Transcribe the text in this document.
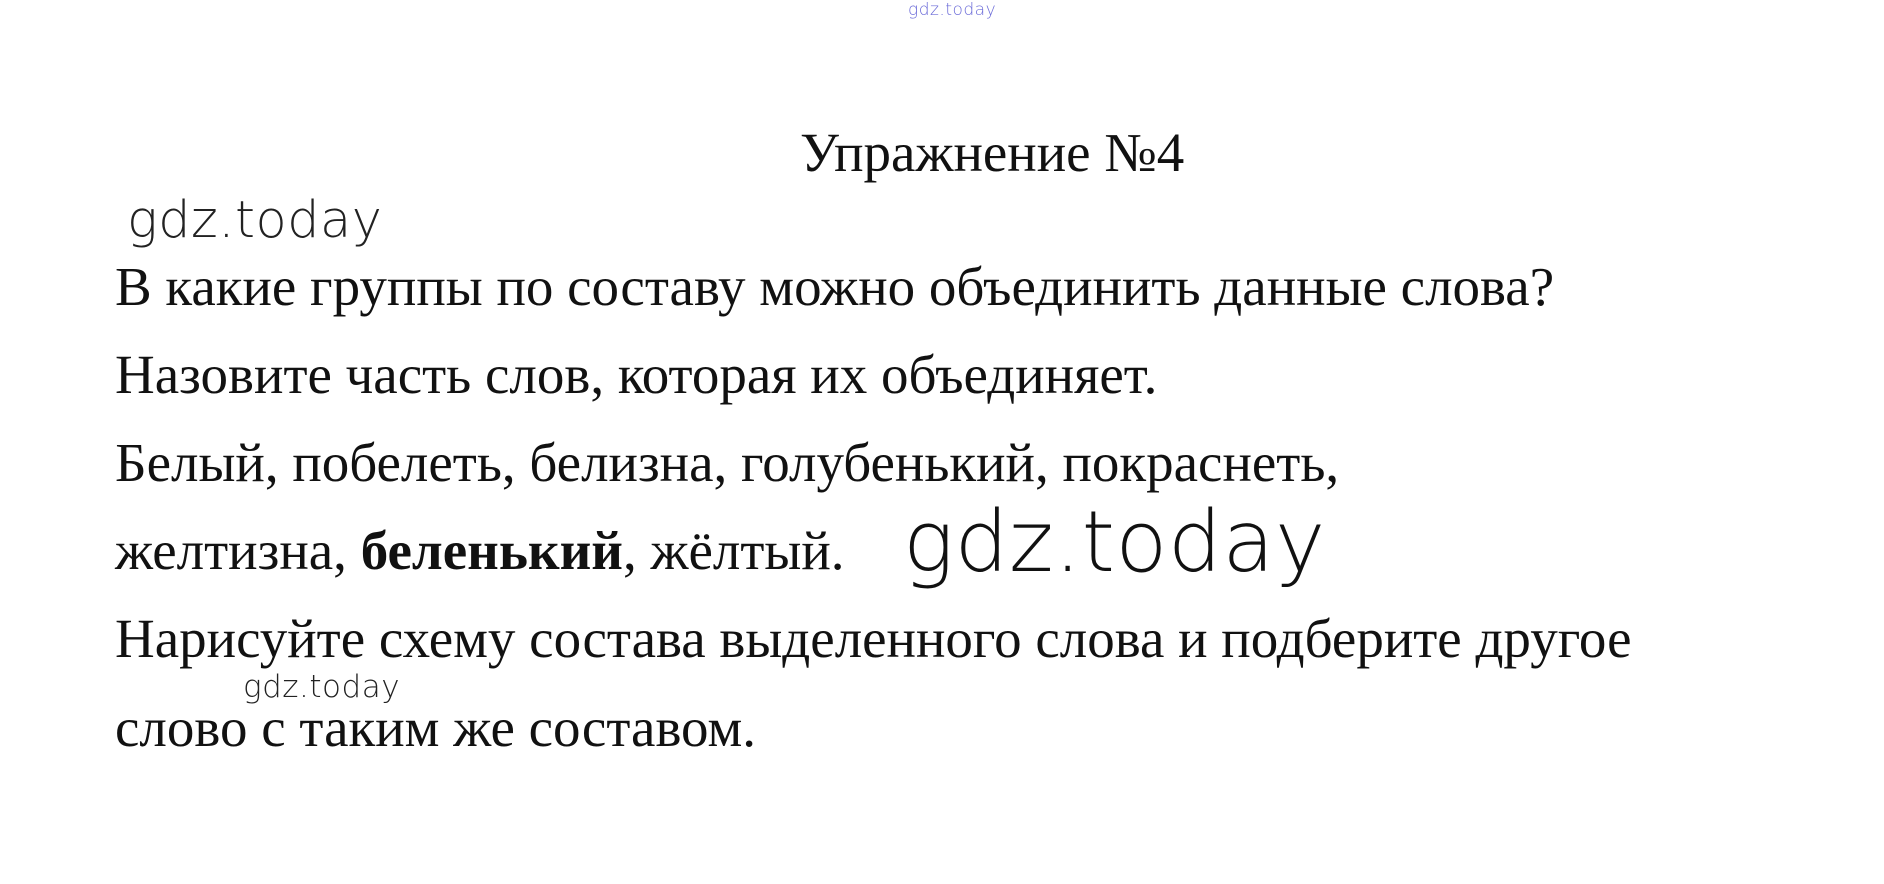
gdz.today
Упражнение №4
gdz.today
В какие группы по составу можно объединить данные слова?
Назовите часть слов, которая их объединяет.
Белый, побелеть, белизна, голубенький, покраснеть,
желтизна, беленький, жёлтый. gdz.today
Нарисуйте схему состава выделенного слова и подберите другое
слово с таким же составом.
gdz.today
